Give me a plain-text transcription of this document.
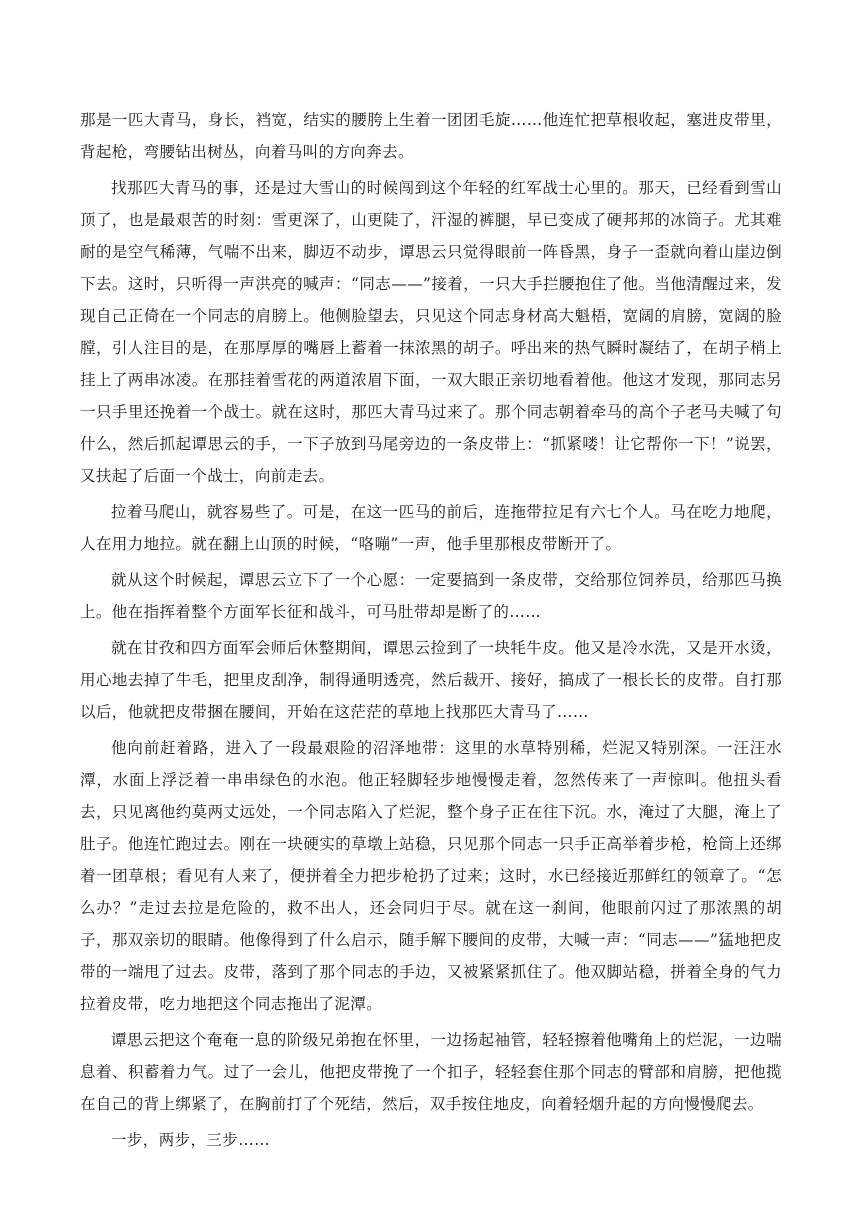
那是一匹大青马，身长，裆宽，结实的腰胯上生着一团团毛旋……他连忙把草根收起，塞进皮带里，背起枪，弯腰钻出树丛，向着马叫的方向奔去。

找那匹大青马的事，还是过大雪山的时候闯到这个年轻的红军战士心里的。那天，已经看到雪山顶了，也是最艰苦的时刻：雪更深了，山更陡了，汗湿的裤腿，早已变成了硬邦邦的冰筒子。尤其难耐的是空气稀薄，气喘不出来，脚迈不动步，谭思云只觉得眼前一阵昏黑，身子一歪就向着山崖边倒下去。这时，只听得一声洪亮的喊声：“同志——”接着，一只大手拦腰抱住了他。当他清醒过来，发现自己正倚在一个同志的肩膀上。他侧脸望去，只见这个同志身材高大魁梧，宽阔的肩膀，宽阔的脸膛，引人注目的是，在那厚厚的嘴唇上蓄着一抹浓黑的胡子。呼出来的热气瞬时凝结了，在胡子梢上挂上了两串冰凌。在那挂着雪花的两道浓眉下面，一双大眼正亲切地看着他。他这才发现，那同志另一只手里还挽着一个战士。就在这时，那匹大青马过来了。那个同志朝着牵马的高个子老马夫喊了句什么，然后抓起谭思云的手，一下子放到马尾旁边的一条皮带上：“抓紧喽！让它帮你一下！”说罢，又扶起了后面一个战士，向前走去。

拉着马爬山，就容易些了。可是，在这一匹马的前后，连拖带拉足有六七个人。马在吃力地爬，人在用力地拉。就在翻上山顶的时候，“咯嘣”一声，他手里那根皮带断开了。

就从这个时候起，谭思云立下了一个心愿：一定要搞到一条皮带，交给那位饲养员，给那匹马换上。他在指挥着整个方面军长征和战斗，可马肚带却是断了的……

就在甘孜和四方面军会师后休整期间，谭思云捡到了一块牦牛皮。他又是冷水洗，又是开水烫，用心地去掉了牛毛，把里皮刮净，制得通明透亮，然后裁开、接好，搞成了一根长长的皮带。自打那以后，他就把皮带捆在腰间，开始在这茫茫的草地上找那匹大青马了……

他向前赶着路，进入了一段最艰险的沼泽地带：这里的水草特别稀，烂泥又特别深。一汪汪水潭，水面上浮泛着一串串绿色的水泡。他正轻脚轻步地慢慢走着，忽然传来了一声惊叫。他扭头看去，只见离他约莫两丈远处，一个同志陷入了烂泥，整个身子正在往下沉。水，淹过了大腿，淹上了肚子。他连忙跑过去。刚在一块硬实的草墩上站稳，只见那个同志一只手正高举着步枪，枪筒上还绑着一团草根；看见有人来了，便拼着全力把步枪扔了过来；这时，水已经接近那鲜红的领章了。“怎么办？”走过去拉是危险的，救不出人，还会同归于尽。就在这一刹间，他眼前闪过了那浓黑的胡子，那双亲切的眼睛。他像得到了什么启示，随手解下腰间的皮带，大喊一声：“同志——”猛地把皮带的一端甩了过去。皮带，落到了那个同志的手边，又被紧紧抓住了。他双脚站稳，拼着全身的气力拉着皮带，吃力地把这个同志拖出了泥潭。

谭思云把这个奄奄一息的阶级兄弟抱在怀里，一边扬起袖管，轻轻擦着他嘴角上的烂泥，一边喘息着、积蓄着力气。过了一会儿，他把皮带挽了一个扣子，轻轻套住那个同志的臂部和肩膀，把他揽在自己的背上绑紧了，在胸前打了个死结，然后，双手按住地皮，向着轻烟升起的方向慢慢爬去。

一步，两步，三步……
